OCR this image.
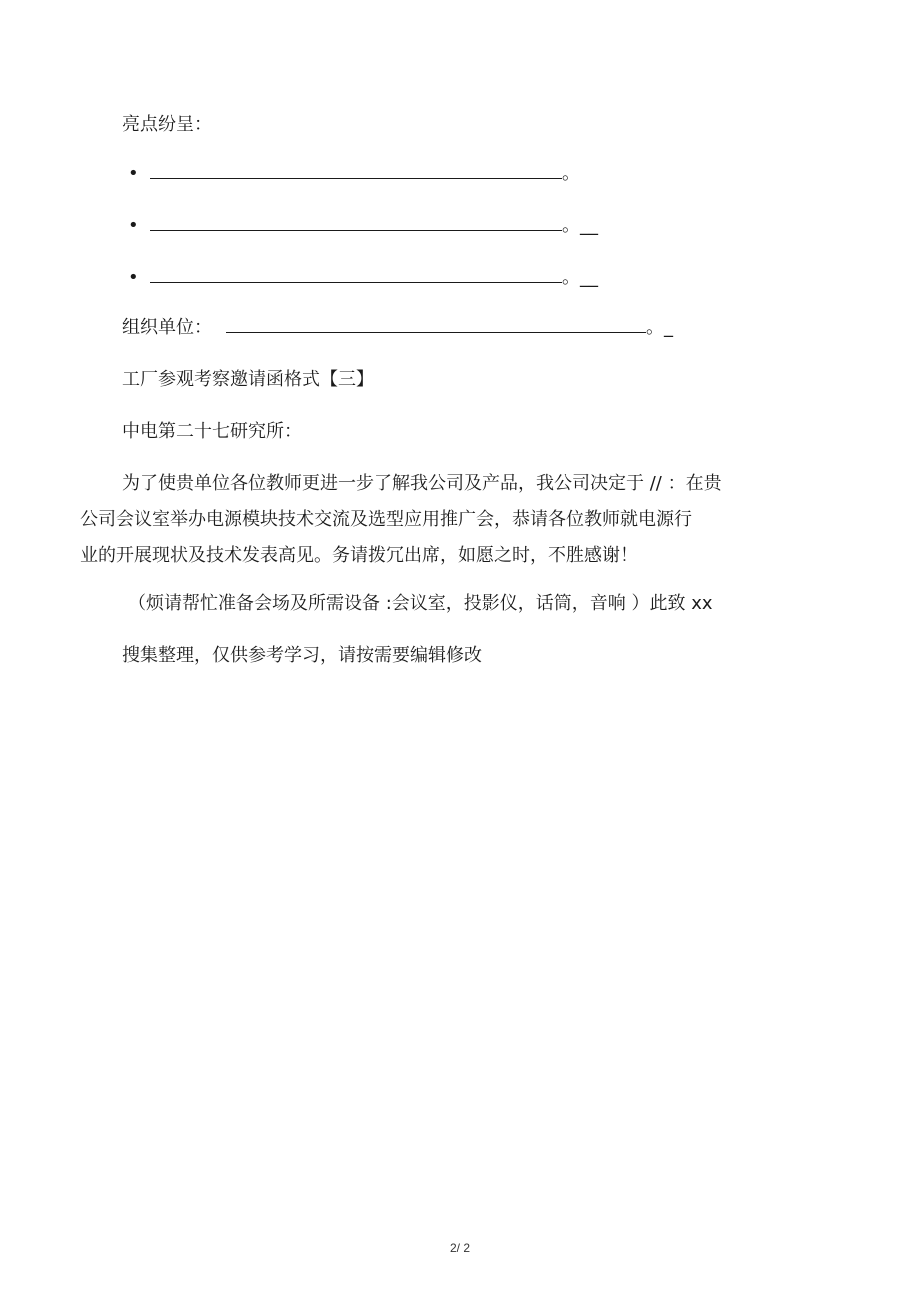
亮点纷呈：
•	。
•	。__
•	。__
组织单位：	。_
工厂参观考察邀请函格式【三】
中电第二十七研究所：
为了使贵单位各位教师更进一步了解我公司及产品，我公司决定于 // ：在贵
公司会议室举办电源模块技术交流及选型应用推广会，恭请各位教师就电源行
业的开展现状及技术发表高见。务请拨冗出席，如愿之时，不胜感谢！
（烦请帮忙准备会场及所需设备 :会议室，投影仪，话筒，音响 ）此致 xx
搜集整理，仅供参考学习，请按需要编辑修改
2/ 2
